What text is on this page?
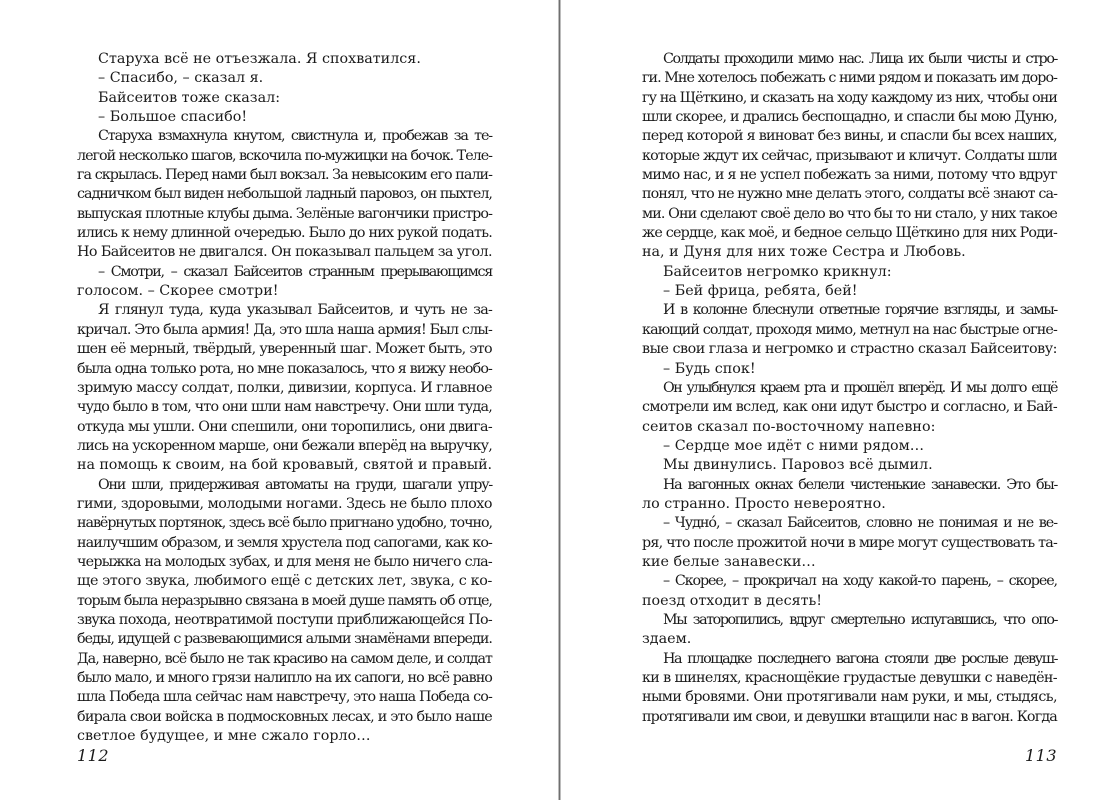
Старуха всё не отъезжала. Я спохватился.
– Спасибо, – сказал я.
Байсеитов тоже сказал:
– Большое спасибо!
Старуха взмахнула кнутом, свистнула и, пробежав за те-
легой несколько шагов, вскочила по-мужицки на бочок. Теле-
га скрылась. Перед нами был вокзал. За невысоким его пали-
садничком был виден небольшой ладный паровоз, он пыхтел,
выпуская плотные клубы дыма. Зелёные вагончики пристро-
ились к нему длинной очередью. Было до них рукой подать.
Но Байсеитов не двигался. Он показывал пальцем за угол.
– Смотри, – сказал Байсеитов странным прерывающимся
голосом. – Скорее смотри!
Я глянул туда, куда указывал Байсеитов, и чуть не за-
кричал. Это была армия! Да, это шла наша армия! Был слы-
шен её мерный, твёрдый, уверенный шаг. Может быть, это
была одна только рота, но мне показалось, что я вижу необо-
зримую массу солдат, полки, дивизии, корпуса. И главное
чудо было в том, что они шли нам навстречу. Они шли туда,
откуда мы ушли. Они спешили, они торопились, они двига-
лись на ускоренном марше, они бежали вперёд на выручку,
на помощь к своим, на бой кровавый, святой и правый.
Они шли, придерживая автоматы на груди, шагали упру-
гими, здоровыми, молодыми ногами. Здесь не было плохо
навёрнутых портянок, здесь всё было пригнано удобно, точно,
наилучшим образом, и земля хрустела под сапогами, как ко-
черыжка на молодых зубах, и для меня не было ничего сла-
ще этого звука, любимого ещё с детских лет, звука, с ко-
торым была неразрывно связана в моей душе память об отце,
звука похода, неотвратимой поступи приближающейся По-
беды, идущей с развевающимися алыми знамёнами впереди.
Да, наверно, всё было не так красиво на самом деле, и солдат
было мало, и много грязи налипло на их сапоги, но всё равно
шла Победа шла сейчас нам навстречу, это наша Победа со-
бирала свои войска в подмосковных лесах, и это было наше
светлое будущее, и мне сжало горло…
112
Солдаты проходили мимо нас. Лица их были чисты и стро-
ги. Мне хотелось побежать с ними рядом и показать им доро-
гу на Щёткино, и сказать на ходу каждому из них, чтобы они
шли скорее, и дрались беспощадно, и спасли бы мою Дуню,
перед которой я виноват без вины, и спасли бы всех наших,
которые ждут их сейчас, призывают и кличут. Солдаты шли
мимо нас, и я не успел побежать за ними, потому что вдруг
понял, что не нужно мне делать этого, солдаты всё знают са-
ми. Они сделают своё дело во что бы то ни стало, у них такое
же сердце, как моё, и бедное сельцо Щёткино для них Роди-
на, и Дуня для них тоже Сестра и Любовь.
Байсеитов негромко крикнул:
– Бей фрица, ребята, бей!
И в колонне блеснули ответные горячие взгляды, и замы-
кающий солдат, проходя мимо, метнул на нас быстрые огне-
вые свои глаза и негромко и страстно сказал Байсеитову:
– Будь спок!
Он улыбнулся краем рта и прошёл вперёд. И мы долго ещё
смотрели им вслед, как они идут быстро и согласно, и Бай-
сеитов сказал по-восточному напевно:
– Сердце мое идёт с ними рядом…
Мы двинулись. Паровоз всё дымил.
На вагонных окнах белели чистенькие занавески. Это бы-
ло странно. Просто невероятно.
– Чуднó, – сказал Байсеитов, словно не понимая и не ве-
ря, что после прожитой ночи в мире могут существовать та-
кие белые занавески…
– Скорее, – прокричал на ходу какой-то парень, – скорее,
поезд отходит в десять!
Мы заторопились, вдруг смертельно испугавшись, что опо-
здаем.
На площадке последнего вагона стояли две рослые девуш-
ки в шинелях, краснощёкие грудастые девушки с наведён-
ными бровями. Они протягивали нам руки, и мы, стыдясь,
протягивали им свои, и девушки втащили нас в вагон. Когда
113
